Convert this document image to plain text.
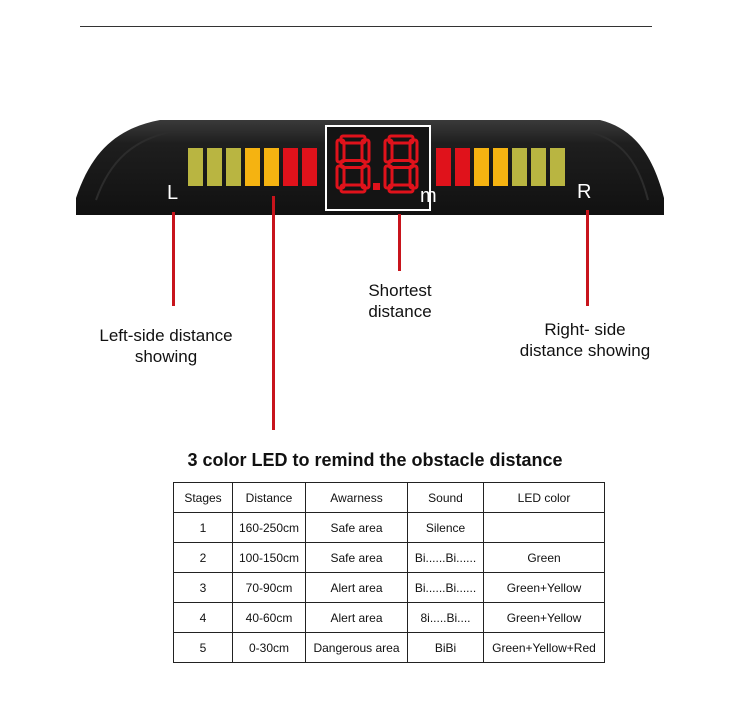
L	R
m
Left-side distance
showing
Shortest
distance
Right- side
distance showing
3 color LED to remind the obstacle distance
Stages	Distance	Awarness	Sound	LED color
1	160-250cm	Safe area	Silence	
2	100-150cm	Safe area	Bi......Bi......	Green
3	70-90cm	Alert area	Bi......Bi......	Green+Yellow
4	40-60cm	Alert area	8i.....Bi....	Green+Yellow
5	0-30cm	Dangerous area	BiBi	Green+Yellow+Red
